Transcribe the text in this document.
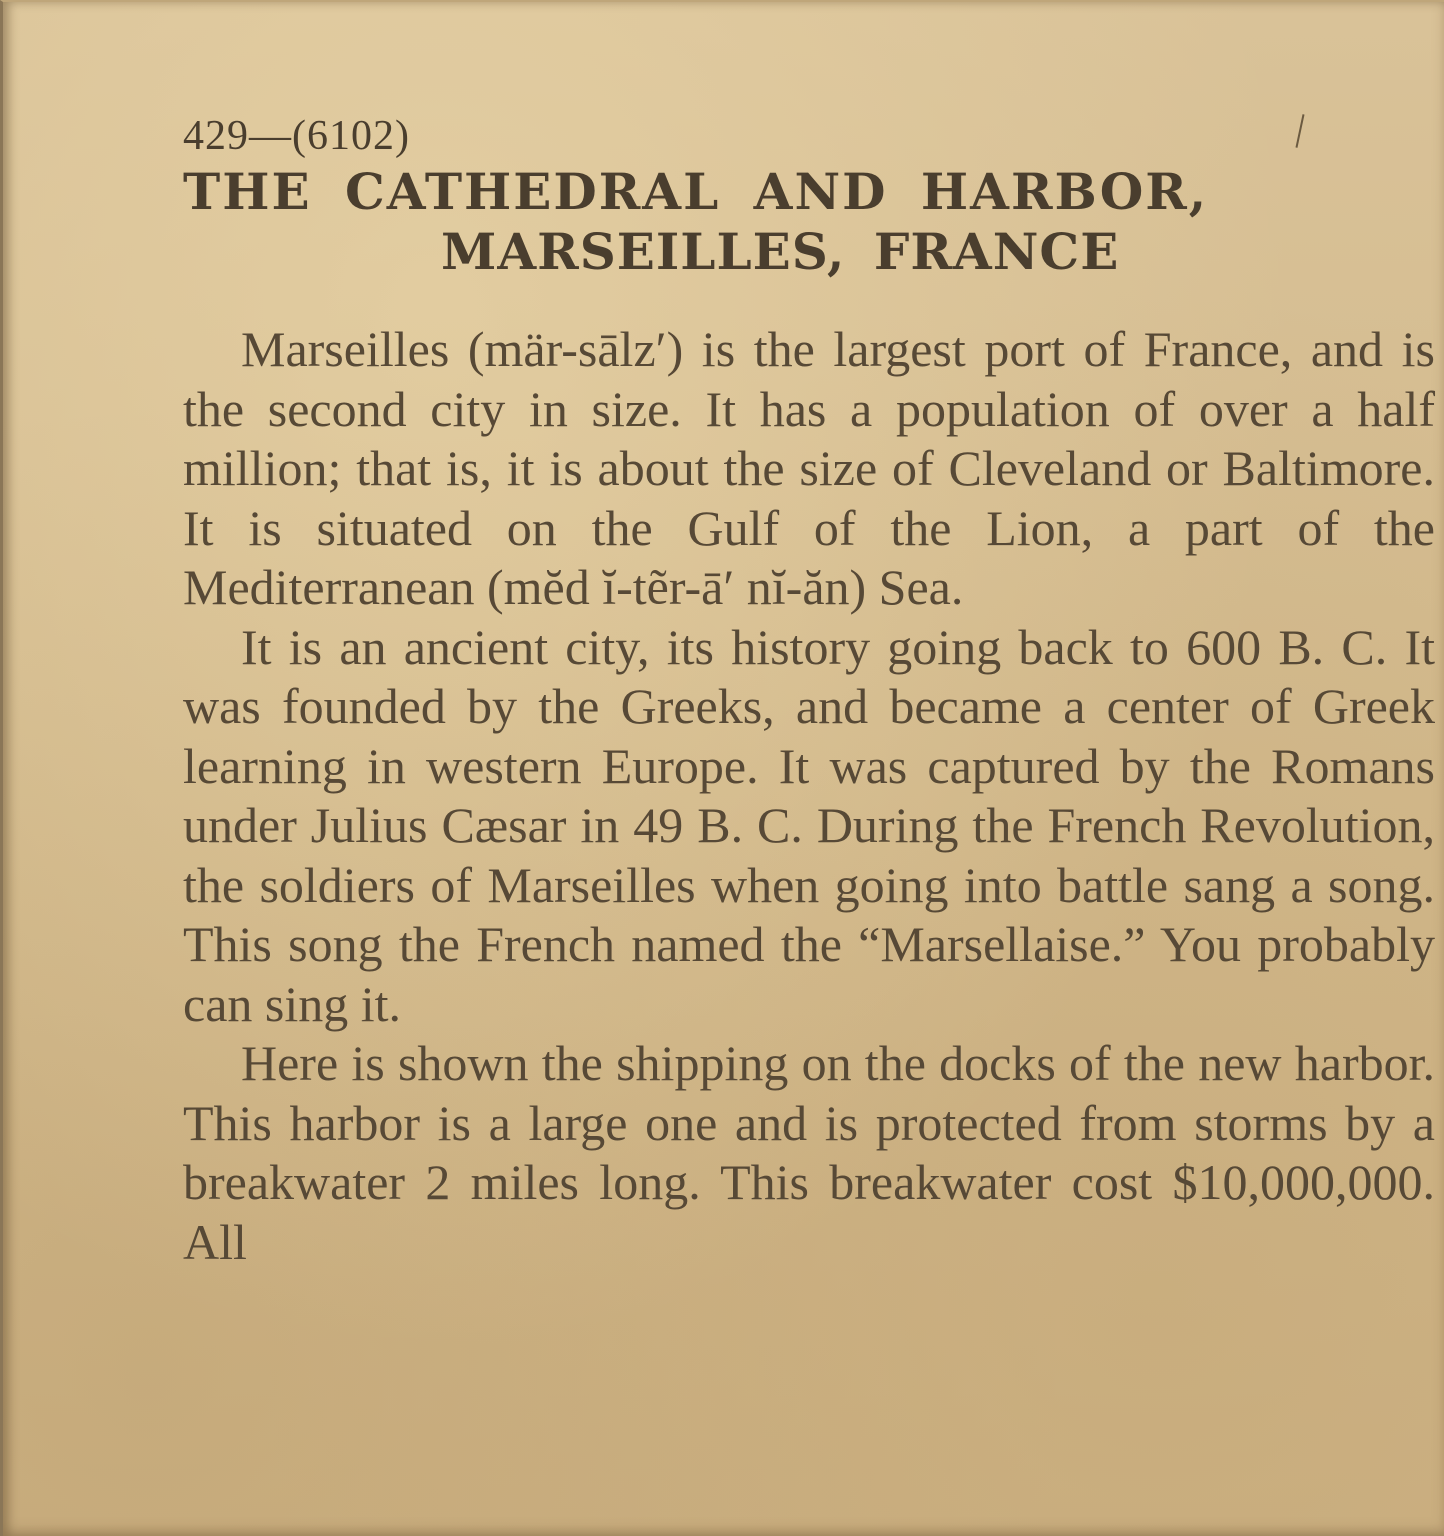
429—(6102)
THE CATHEDRAL AND HARBOR,
MARSEILLES, FRANCE

Marseilles (mär-sālz′) is the largest port of France, and is the second city in size. It has a population of over a half million; that is, it is about the size of Cleveland or Baltimore. It is situated on the Gulf of the Lion, a part of the Mediterranean (mĕd ĭ-tẽr-ā′ nĭ-ăn) Sea.

It is an ancient city, its history going back to 600 B. C. It was founded by the Greeks, and became a center of Greek learning in western Europe. It was captured by the Romans under Julius Cæsar in 49 B. C. During the French Revolution, the soldiers of Marseilles when going into battle sang a song. This song the French named the “Marsellaise.” You probably can sing it.

Here is shown the shipping on the docks of the new harbor. This harbor is a large one and is protected from storms by a breakwater 2 miles long. This breakwater cost $10,000,000. All
